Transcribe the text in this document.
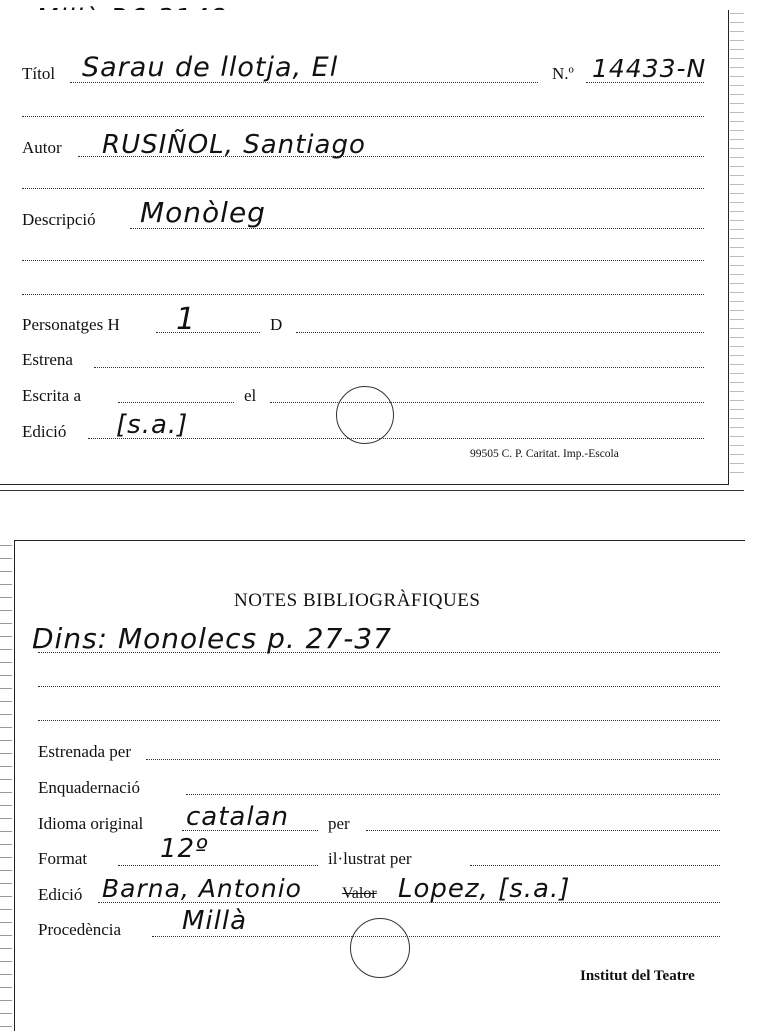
Títol Sarau de llotja, El	N.º 14433-N
Autor RUSIÑOL, Santiago
Descripció Monòleg
Personatges H 1	D
Estrena
Escrita a	el
Edició [s.a.]
99505 C. P. Caritat. Imp.-Escola
NOTES BIBLIOGRÀFIQUES
Dins: Monolecs p. 27-37
Estrenada per
Enquadernació
Idioma original catalan per
Format	12º	il·lustrat per
Edició Barna, Antonio	Valor Lopez, [s.a.]
Procedència Millà
Institut del Teatre
